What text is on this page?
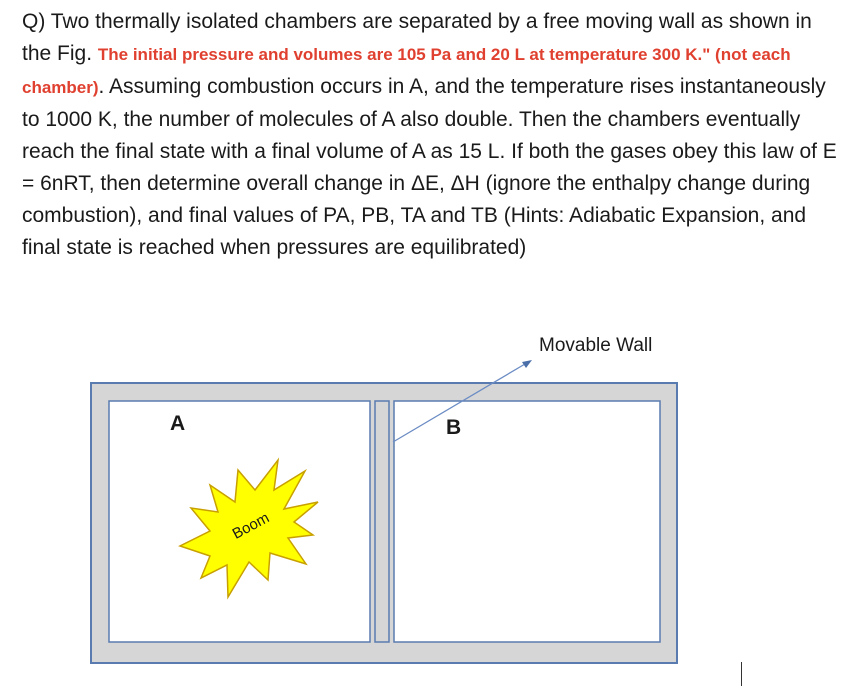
Q) Two thermally isolated chambers are separated by a free moving wall as shown in the Fig. The initial pressure and volumes are 105 Pa and 20 L at temperature 300 K." (not each chamber). Assuming combustion occurs in A, and the temperature rises instantaneously to 1000 K, the number of molecules of A also double. Then the chambers eventually reach the final state with a final volume of A as 15 L. If both the gases obey this law of E = 6nRT, then determine overall change in ΔE, ΔH (ignore the enthalpy change during combustion), and final values of PA, PB, TA and TB (Hints: Adiabatic Expansion, and final state is reached when pressures are equilibrated)
Boom
Movable Wall
A	B
